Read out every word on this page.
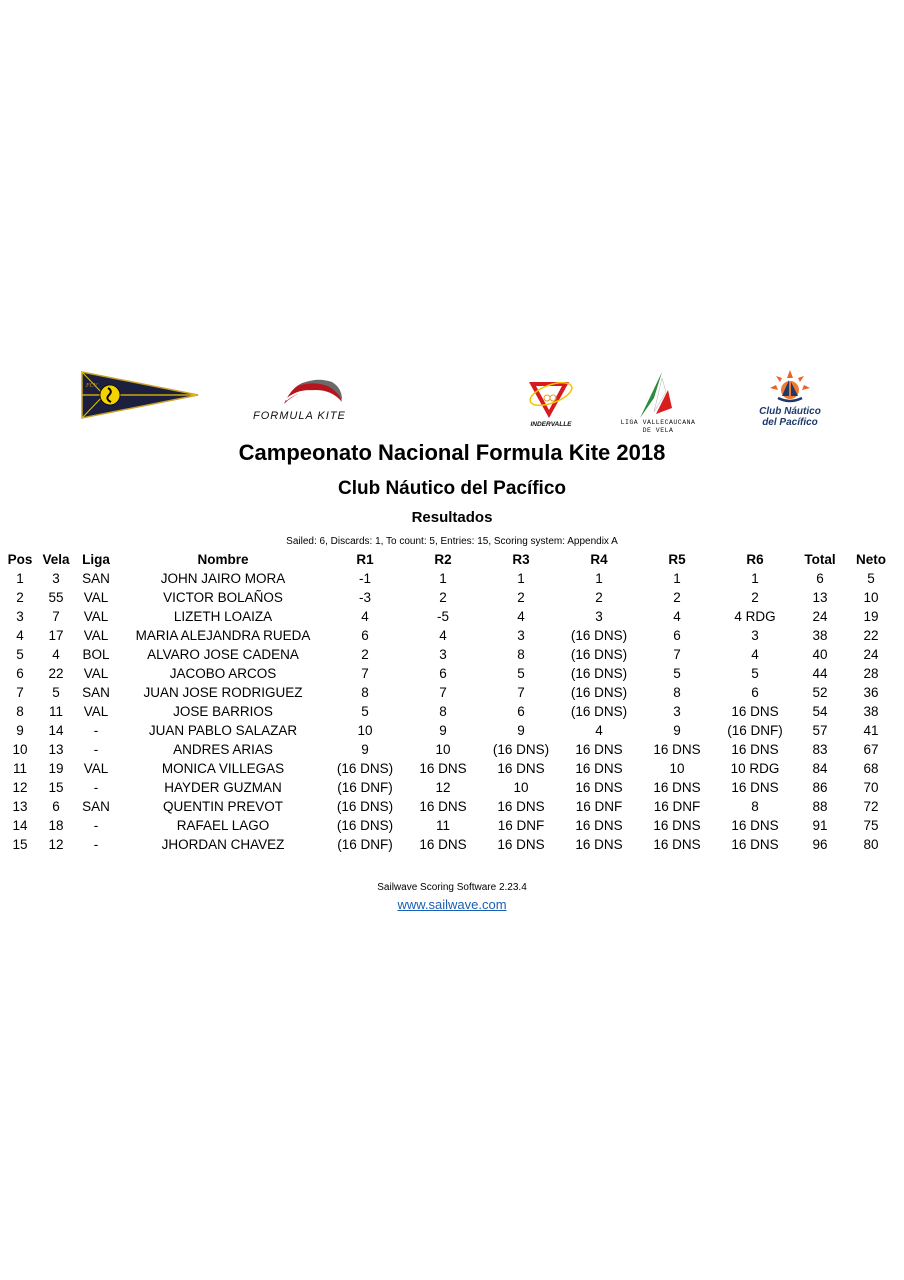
FCV
FORMULA KITE
INDERVALLE	LIGA VALLECAUCANA
DE VELA
Club Náutico
del Pacífico
Campeonato Nacional Formula Kite 2018
Club Náutico del Pacífico
Resultados
Sailed: 6, Discards: 1, To count: 5, Entries: 15, Scoring system: Appendix A
Pos	Vela	Liga	Nombre	R1	R2	R3	R4	R5	R6	Total	Neto
1	3	SAN	JOHN JAIRO MORA	-1	1	1	1	1	1	6	5
2	55	VAL	VICTOR BOLAÑOS	-3	2	2	2	2	2	13	10
3	7	VAL	LIZETH LOAIZA	4	-5	4	3	4	4 RDG	24	19
4	17	VAL	MARIA ALEJANDRA RUEDA	6	4	3	(16 DNS)	6	3	38	22
5	4	BOL	ALVARO JOSE CADENA	2	3	8	(16 DNS)	7	4	40	24
6	22	VAL	JACOBO ARCOS	7	6	5	(16 DNS)	5	5	44	28
7	5	SAN	JUAN JOSE RODRIGUEZ	8	7	7	(16 DNS)	8	6	52	36
8	11	VAL	JOSE BARRIOS	5	8	6	(16 DNS)	3	16 DNS	54	38
9	14	-	JUAN PABLO SALAZAR	10	9	9	4	9	(16 DNF)	57	41
10	13	-	ANDRES ARIAS	9	10	(16 DNS)	16 DNS	16 DNS	16 DNS	83	67
11	19	VAL	MONICA VILLEGAS	(16 DNS)	16 DNS	16 DNS	16 DNS	10	10 RDG	84	68
12	15	-	HAYDER GUZMAN	(16 DNF)	12	10	16 DNS	16 DNS	16 DNS	86	70
13	6	SAN	QUENTIN PREVOT	(16 DNS)	16 DNS	16 DNS	16 DNF	16 DNF	8	88	72
14	18	-	RAFAEL LAGO	(16 DNS)	11	16 DNF	16 DNS	16 DNS	16 DNS	91	75
15	12	-	JHORDAN CHAVEZ	(16 DNF)	16 DNS	16 DNS	16 DNS	16 DNS	16 DNS	96	80
Sailwave Scoring Software 2.23.4
www.sailwave.com
